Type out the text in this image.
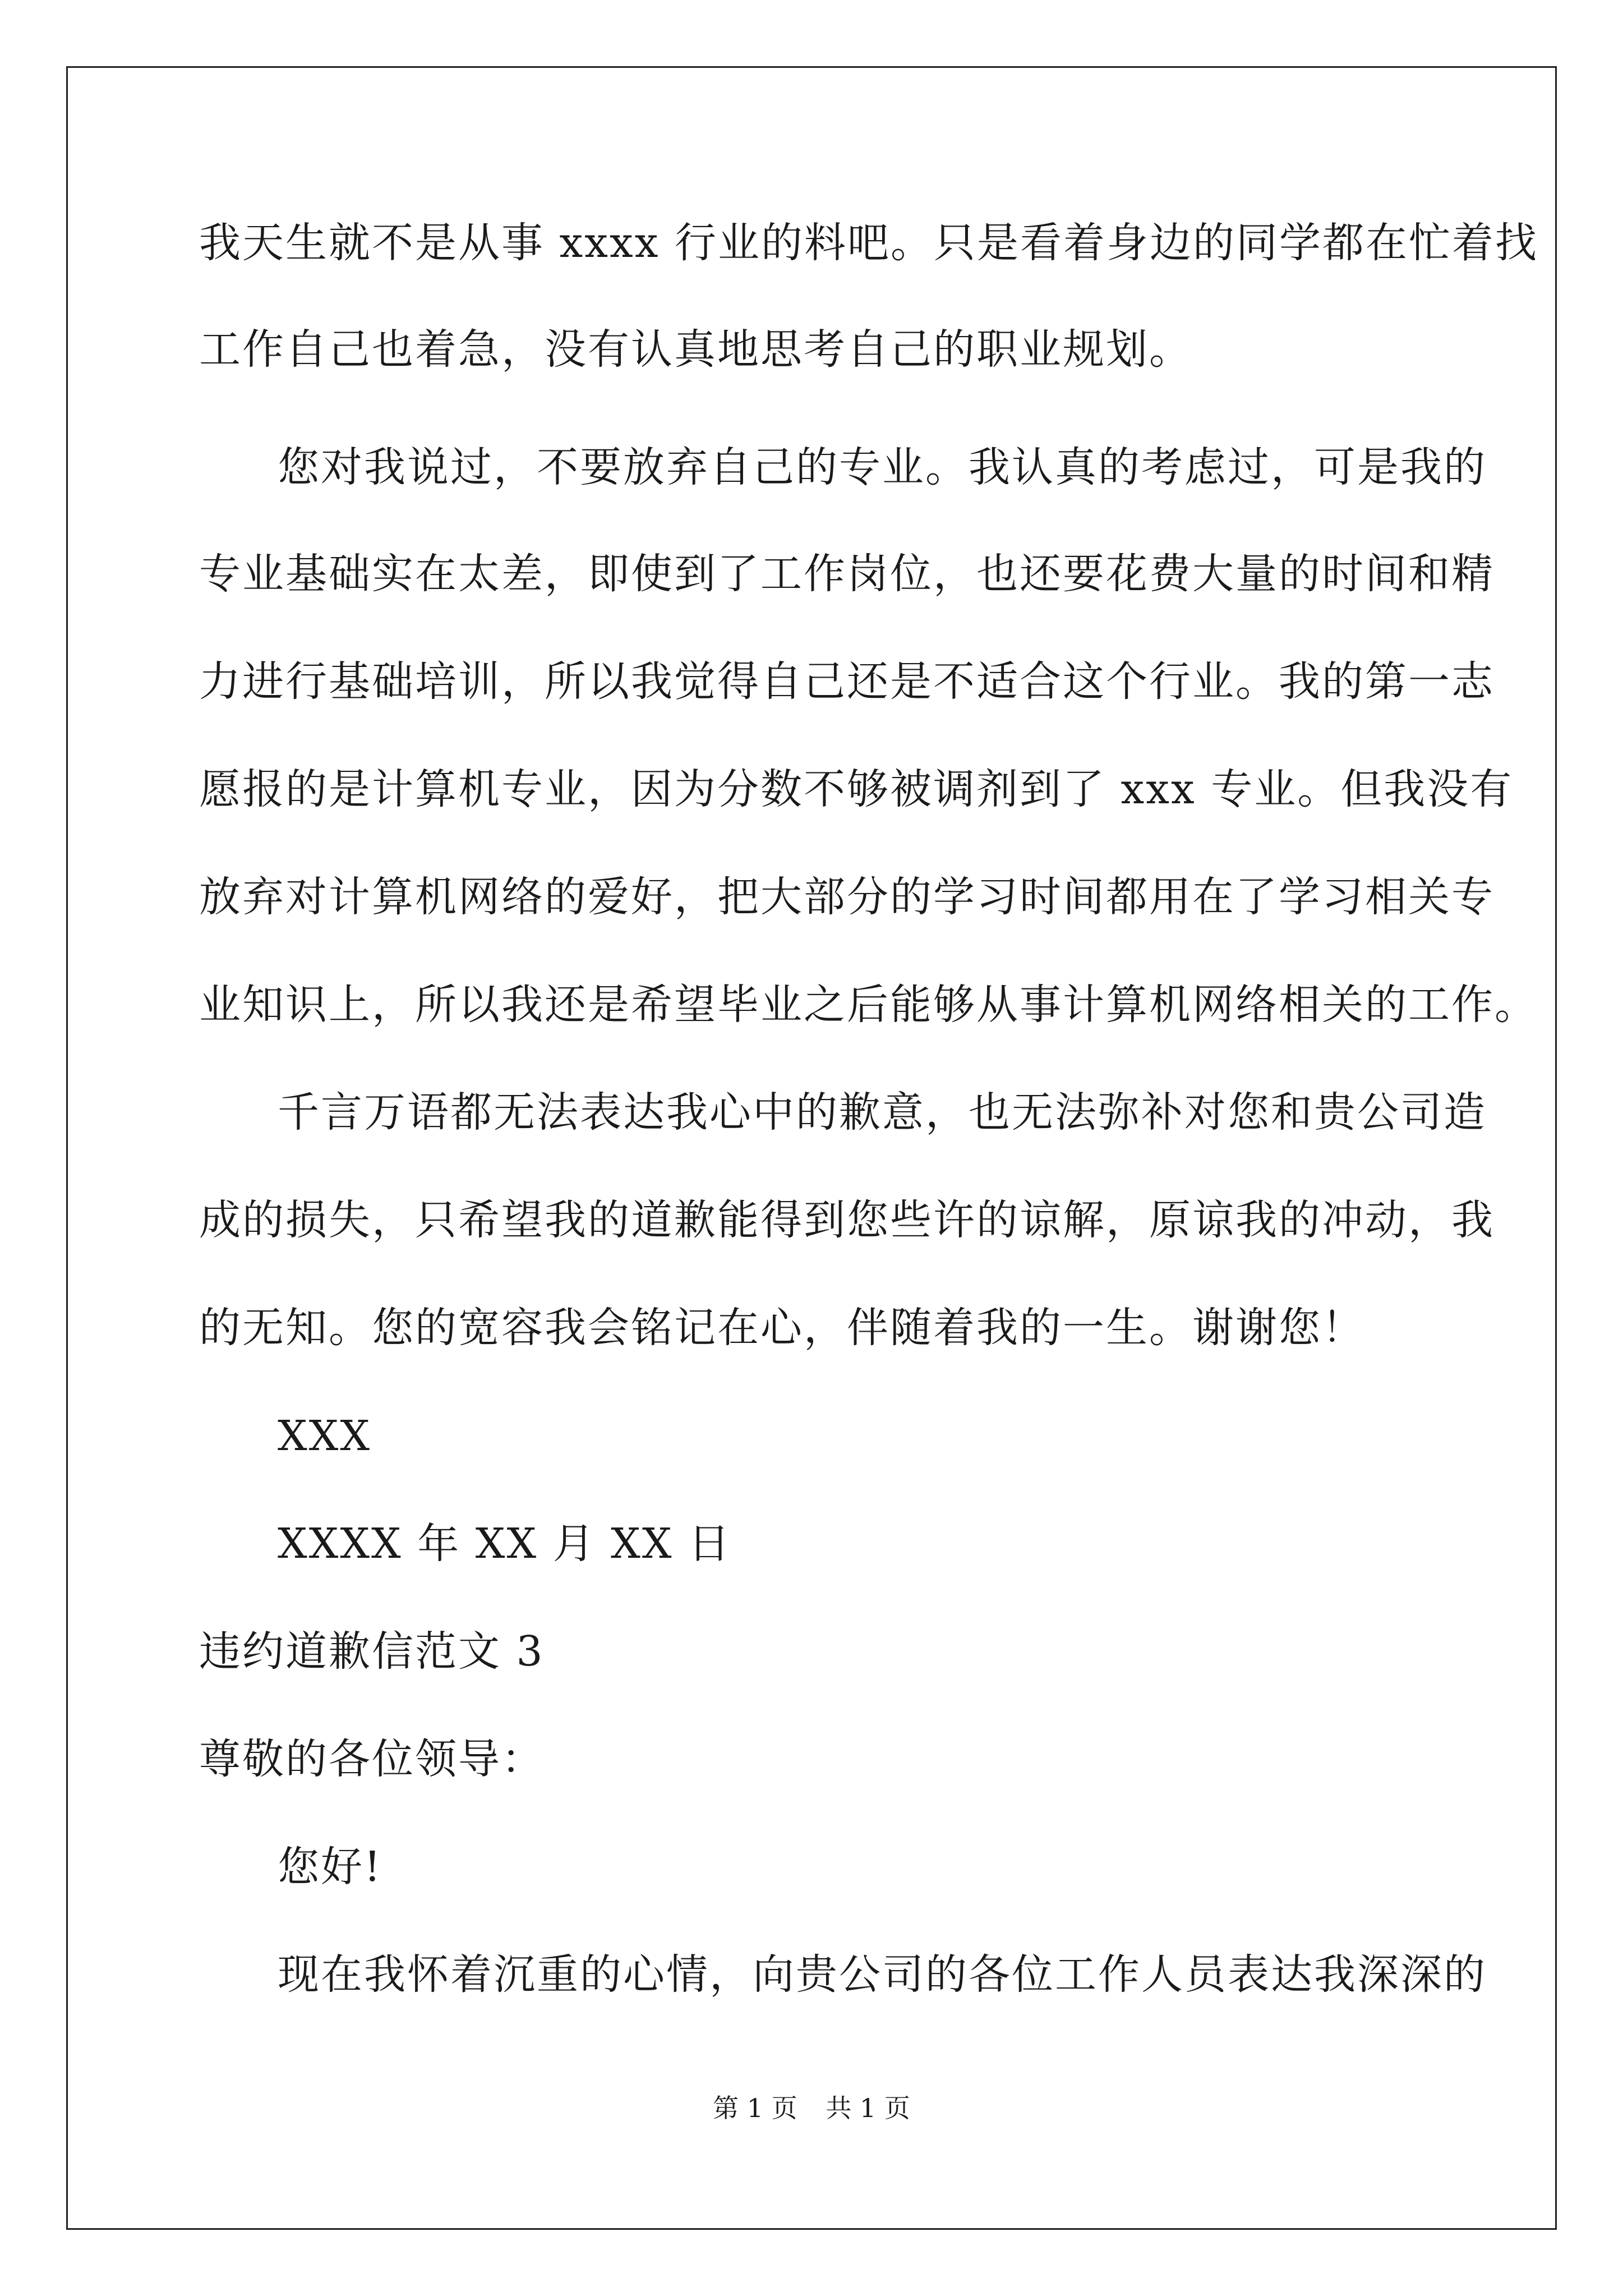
我天生就不是从事 xxxx 行业的料吧。只是看着身边的同学都在忙着找
工作自己也着急，没有认真地思考自己的职业规划。
您对我说过，不要放弃自己的专业。我认真的考虑过，可是我的
专业基础实在太差，即使到了工作岗位，也还要花费大量的时间和精
力进行基础培训，所以我觉得自己还是不适合这个行业。我的第一志
愿报的是计算机专业，因为分数不够被调剂到了 xxx 专业。但我没有
放弃对计算机网络的爱好，把大部分的学习时间都用在了学习相关专
业知识上，所以我还是希望毕业之后能够从事计算机网络相关的工作。
千言万语都无法表达我心中的歉意，也无法弥补对您和贵公司造
成的损失，只希望我的道歉能得到您些许的谅解，原谅我的冲动，我
的无知。您的宽容我会铭记在心，伴随着我的一生。谢谢您！
XXX
XXXX 年 XX 月 XX 日
违约道歉信范文 3
尊敬的各位领导：
您好!
现在我怀着沉重的心情，向贵公司的各位工作人员表达我深深的
第 1 页 共 1 页
